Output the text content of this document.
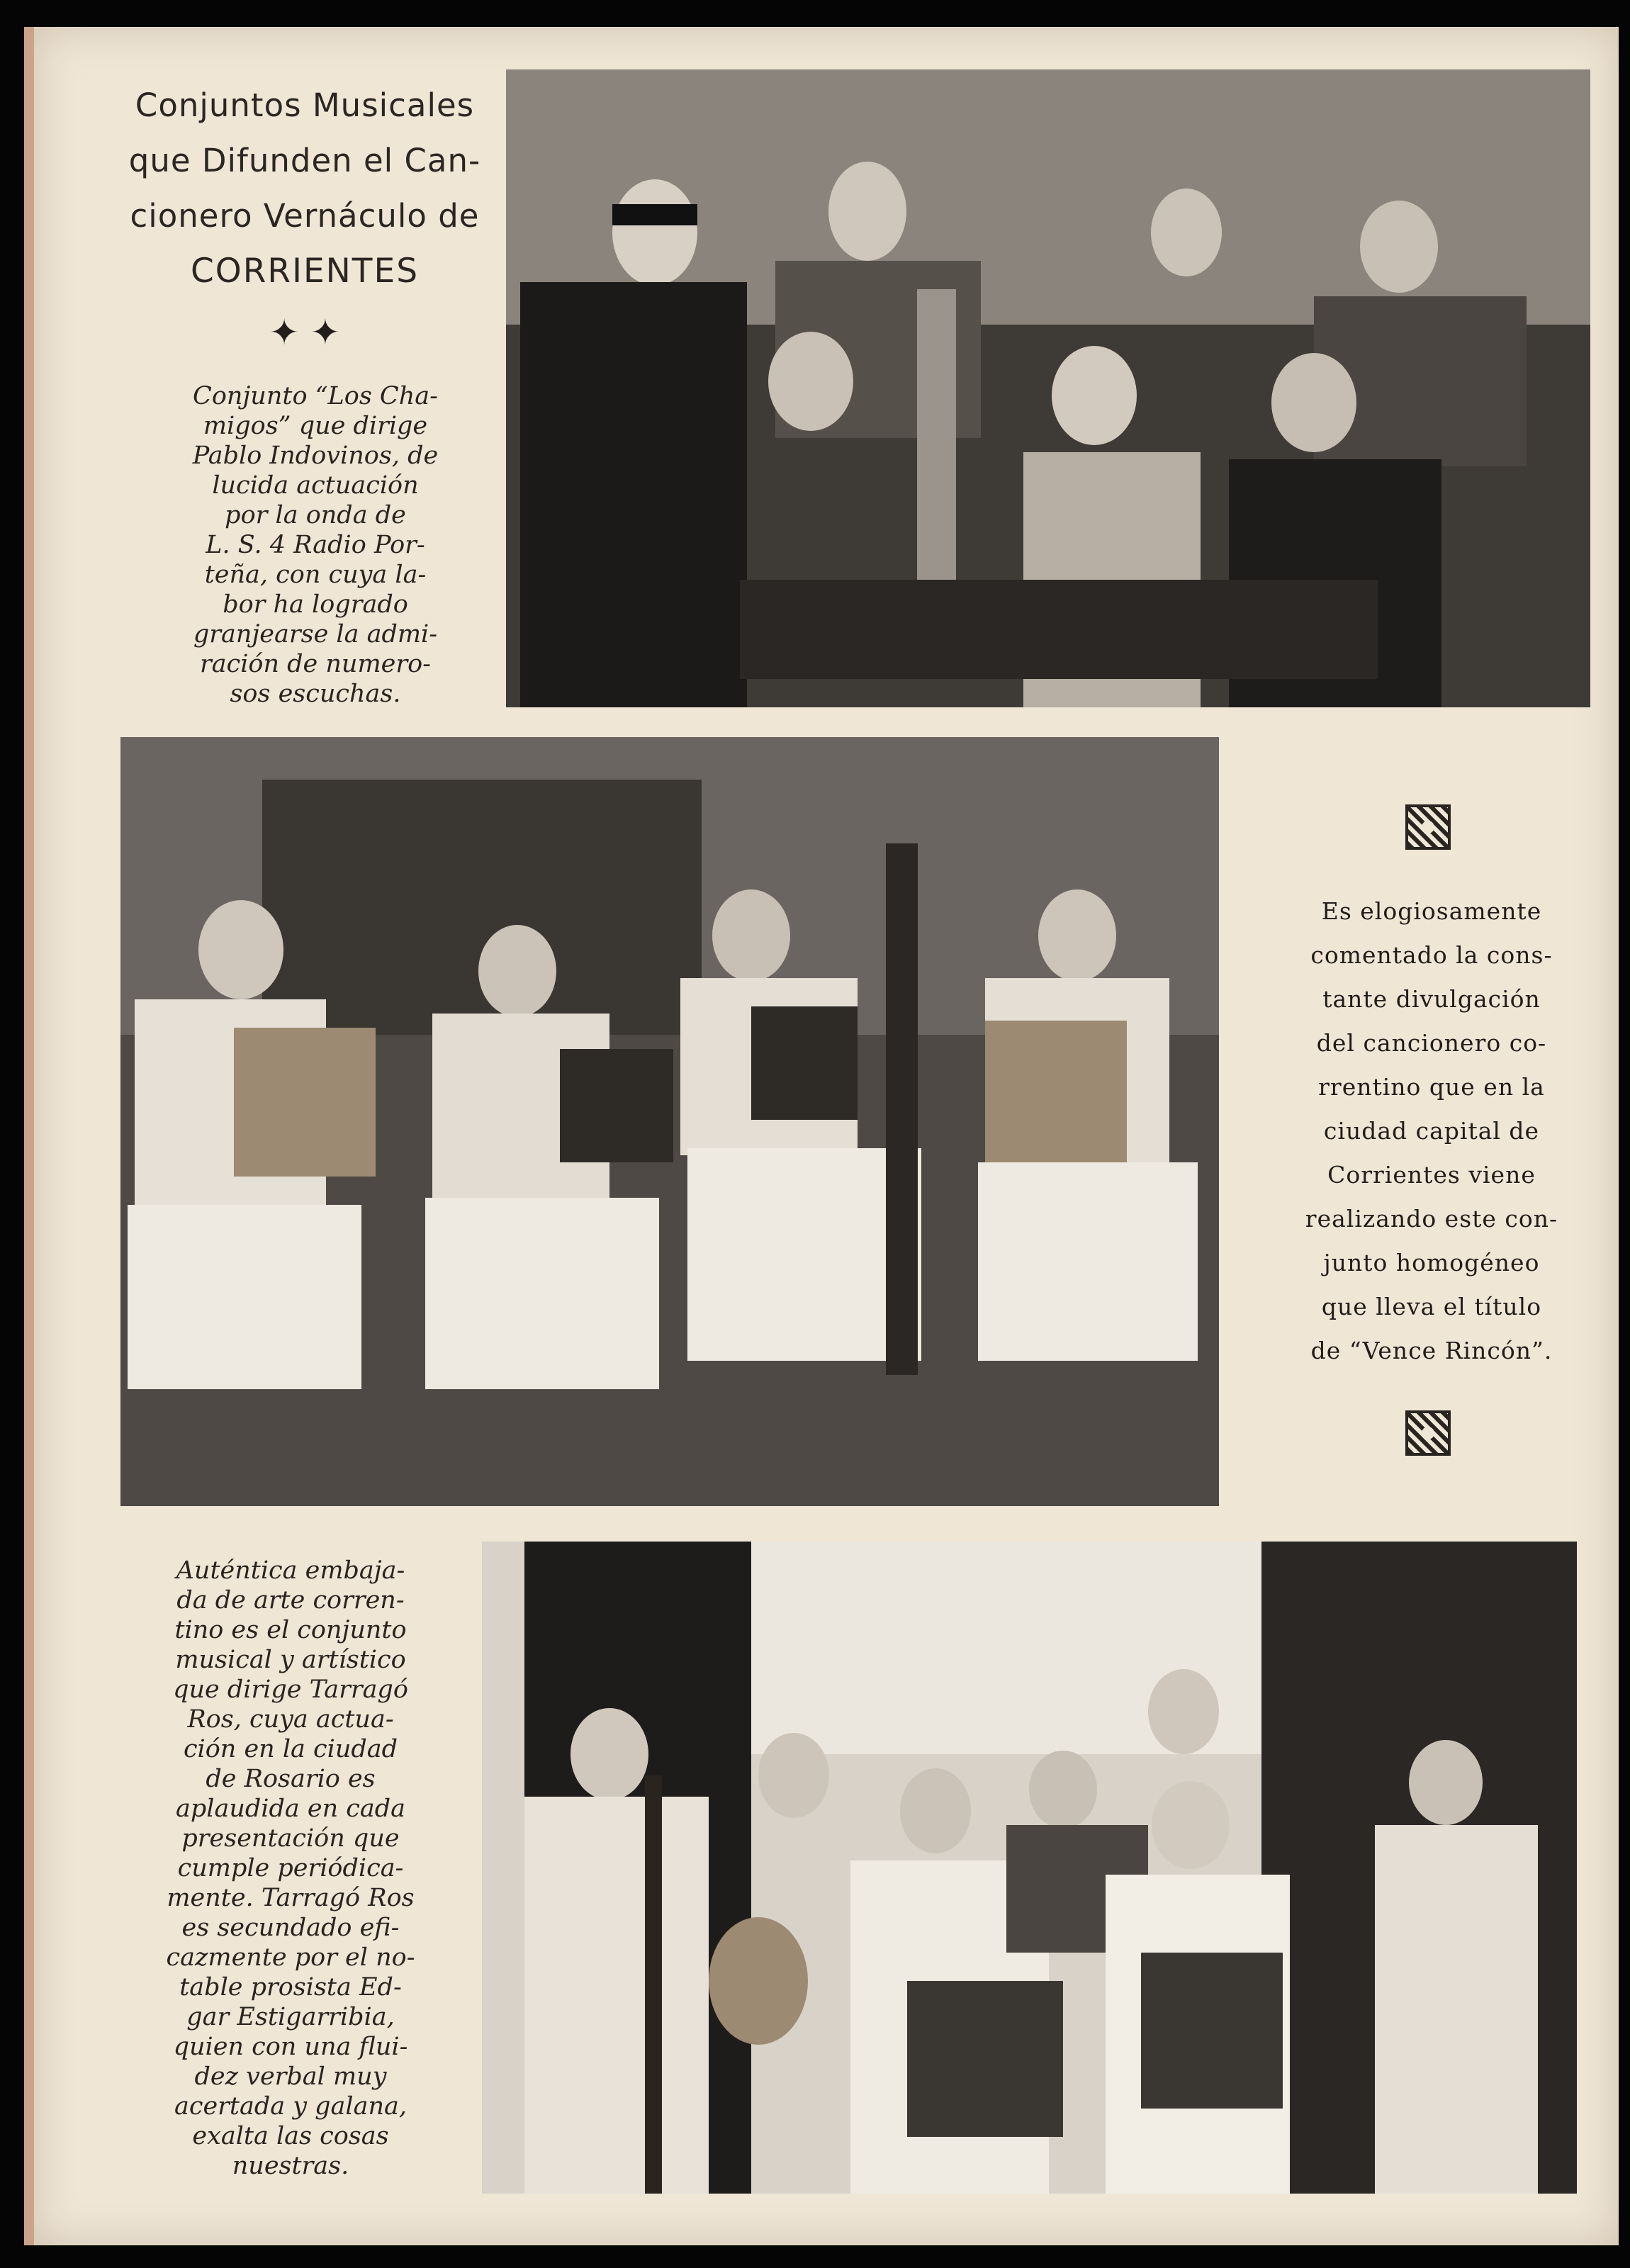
Conjuntos Musicales
que Difunden el Can-
cionero Vernáculo de
CORRIENTES
✦ ✦
Conjunto “Los Cha-
migos” que dirige
Pablo Indovinos, de
lucida actuación
por la onda de
L. S. 4 Radio Por-
teña, con cuya la-
bor ha logrado
granjearse la admi-
ración de numero-
sos escuchas.
Es elogiosamente
comentado la cons-
tante divulgación
del cancionero co-
rrentino que en la
ciudad capital de
Corrientes viene
realizando este con-
junto homogéneo
que lleva el título
de “Vence Rincón”.
Auténtica embaja-
da de arte corren-
tino es el conjunto
musical y artístico
que dirige Tarragó
Ros, cuya actua-
ción en la ciudad
de Rosario es
aplaudida en cada
presentación que
cumple periódica-
mente. Tarragó Ros
es secundado efi-
cazmente por el no-
table prosista Ed-
gar Estigarribia,
quien con una flui-
dez verbal muy
acertada y galana,
exalta las cosas
nuestras.
